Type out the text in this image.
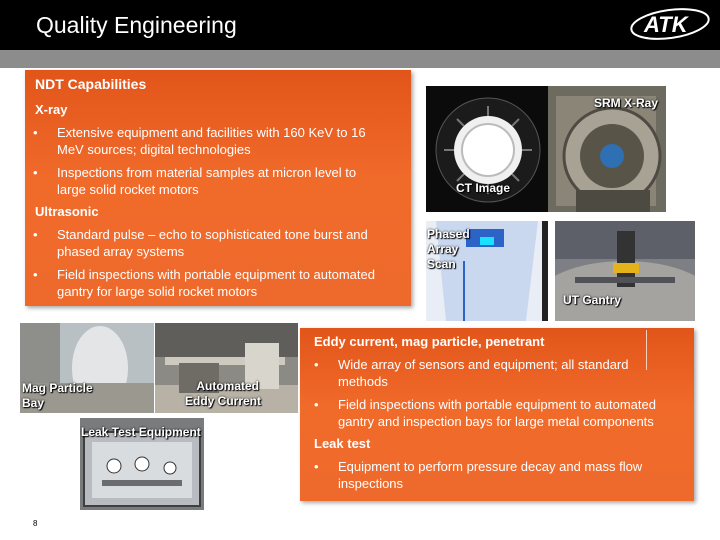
Quality Engineering	ATK
NDT Capabilities
X-ray
• Extensive equipment and facilities with 160 KeV to 16
MeV sources; digital technologies
• Inspections from material samples at micron level to
large solid rocket motors
Ultrasonic
• Standard pulse – echo to sophisticated tone burst and
phased array systems
• Field inspections with portable equipment to automated
gantry for large solid rocket motors
SRM X-Ray
CT Image
Phased
Array
Scan
UT Gantry
Mag Particle
Bay
Automated
Eddy Current
Leak Test Equipment
Eddy current, mag particle, penetrant
• Wide array of sensors and equipment; all standard
methods
• Field inspections with portable equipment to automated
gantry and inspection bays for large metal components
Leak test
• Equipment to perform pressure decay and mass flow
inspections
8
